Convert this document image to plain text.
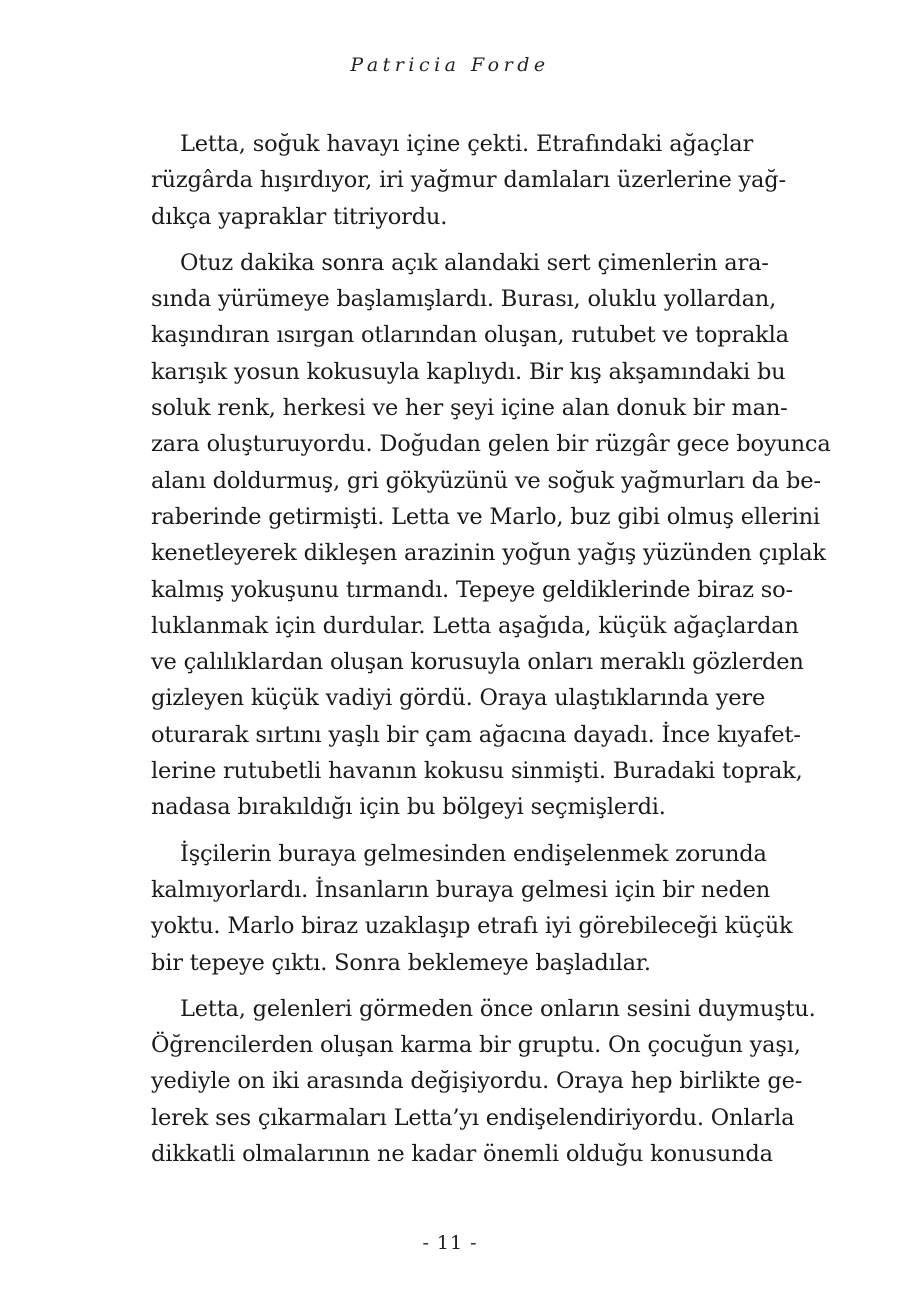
Patricia Forde
Letta, soğuk havayı içine çekti. Etrafındaki ağaçlar
rüzgârda hışırdıyor, iri yağmur damlaları üzerlerine yağ-
dıkça yapraklar titriyordu.
Otuz dakika sonra açık alandaki sert çimenlerin ara-
sında yürümeye başlamışlardı. Burası, oluklu yollardan,
kaşındıran ısırgan otlarından oluşan, rutubet ve toprakla
karışık yosun kokusuyla kaplıydı. Bir kış akşamındaki bu
soluk renk, herkesi ve her şeyi içine alan donuk bir man-
zara oluşturuyordu. Doğudan gelen bir rüzgâr gece boyunca
alanı doldurmuş, gri gökyüzünü ve soğuk yağmurları da be-
raberinde getirmişti. Letta ve Marlo, buz gibi olmuş ellerini
kenetleyerek dikleşen arazinin yoğun yağış yüzünden çıplak
kalmış yokuşunu tırmandı. Tepeye geldiklerinde biraz so-
luklanmak için durdular. Letta aşağıda, küçük ağaçlardan
ve çalılıklardan oluşan korusuyla onları meraklı gözlerden
gizleyen küçük vadiyi gördü. Oraya ulaştıklarında yere
oturarak sırtını yaşlı bir çam ağacına dayadı. İnce kıyafet-
lerine rutubetli havanın kokusu sinmişti. Buradaki toprak,
nadasa bırakıldığı için bu bölgeyi seçmişlerdi.
İşçilerin buraya gelmesinden endişelenmek zorunda
kalmıyorlardı. İnsanların buraya gelmesi için bir neden
yoktu. Marlo biraz uzaklaşıp etrafı iyi görebileceği küçük
bir tepeye çıktı. Sonra beklemeye başladılar.
Letta, gelenleri görmeden önce onların sesini duymuştu.
Öğrencilerden oluşan karma bir gruptu. On çocuğun yaşı,
yediyle on iki arasında değişiyordu. Oraya hep birlikte ge-
lerek ses çıkarmaları Letta’yı endişelendiriyordu. Onlarla
dikkatli olmalarının ne kadar önemli olduğu konusunda
- 11 -
